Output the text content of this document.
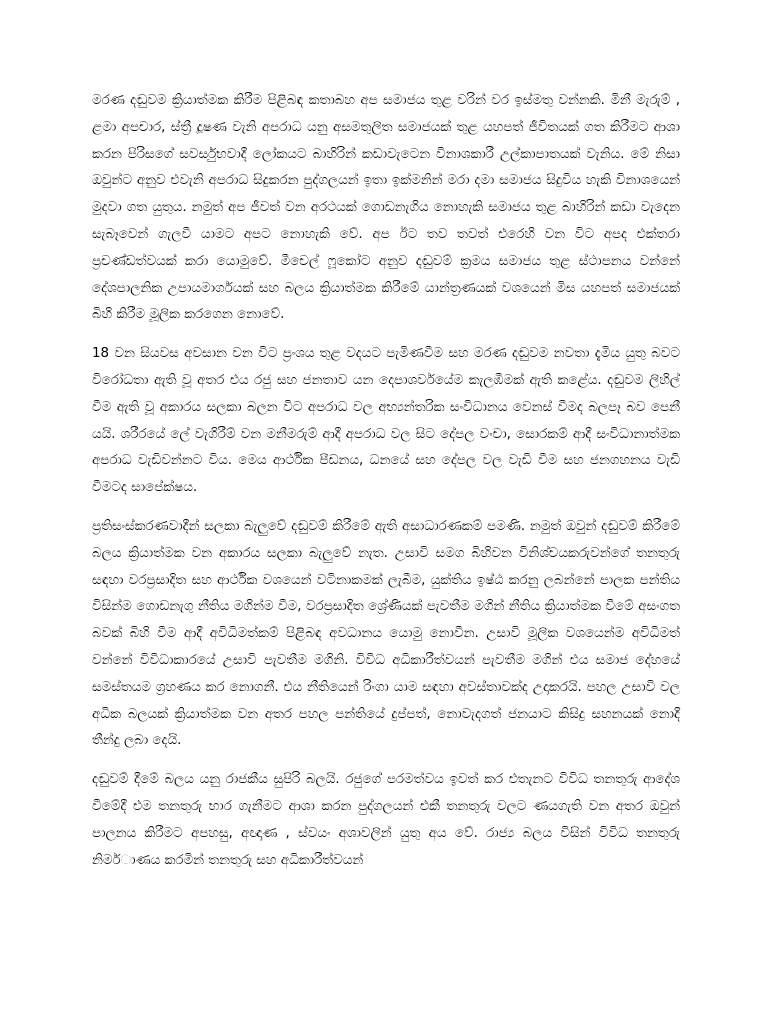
මරණ දඬුවම ක්‍රියාත්මක කිරීම පිළිබඳ කතාබහ අප සමාජය තුළ වරින් වර ඉස්මතු වන්නකි. මිනී මැරුම් , ළමා අපචාර, ස්ත්‍රී දූෂණ වැනි අපරාධ යනු අසමතුලිත සමාජයක් තුළ යහපත් ජීවිතයක් ගත කිරීමට ආශා කරන පිරිසගේ සවර්සුභවාදී ලෝකයට බාහිරින් කඩාවැටෙන විනාශකාරී උල්කාපාතයක් වැනිය. මේ නිසා ඔවුන්ට අනුව එවැනි අපරාධ සිදුකරන පුද්ගලයන් ඉතා ඉක්මනින් මරා දමා සමාජය සිදුවිය හැකි විනාශයෙන් මුදවා ගත යුතුය. නමුත් අප ජීවත් වන අරථයක් ගොඩනැගිය නොහැකි සමාජය තුළ බාහිරින් කඩා වැදෙන සැබෑවෙන් ගැලවී යාමට අපට නොහැකි වේ. අප ඊට තව තවත් එරෙහි වන විට අපද එක්තරා ප්‍රචණ්ඩත්වයක් කරා යොමුවේ. මීචෙල් ෆූකෝට අනුව දඬුවම් ක්‍රමය සමාජය තුළ ස්ථාපනය වන්නේ දේශපාලනික උපායමාර්ගයක් සහ බලය ක්‍රියාත්මක කිරීමේ යාන්ත්‍රණයක් වශයෙන් මිස යහපත් සමාජයක් බිහි කිරීම මූලික කරගෙන නොවේ.

18 වන සියවස අවසාන වන විට ප්‍රංශය තුළ වදයට පැමිණවීම සහ මරණ දඬුවම නවතා දැමිය යුතු බවට විරෝධතා ඇති වූ අතර එය රජු සහ ජනතාව යන දෙපාශර්වයේම කැලඹීමක් ඇති කළේය. දඬුවම ලිහිල් වීම ඇති වූ අකාරය සලකා බලන විට අපරාධ වල අභ්‍යන්තරික සංවිධානය වෙනස් වීමද බලපෑ බව පෙනී යයි. ශරීරයේ ලේ වැගිරීම් වන මනීමරුම් ආදී අපරාධ වල සිට දේපල වංචා, සොරකම් ආදී සංවිධානාත්මක අපරාධ වැඩිවන්නට විය. මෙය ආර්ථික පීඩනය, ධනයේ සහ දේපල වල වැඩි වීම සහ ජනගහනය වැඩි වීමටද සාපේක්ෂය.

ප්‍රතිසංස්කරණවාදීන් සලකා බැලුවේ දඬුවම් කිරීමේ ඇති අසාධාරණකම් පමණි. නමුත් ඔවුන් දඬුවම් කිරීමේ බලය ක්‍රියාත්මක වන අකාරය සලකා බැලුවේ නැත. උසාවි සමග බිහිවන විනිශ්චයකරුවන්ගේ තනතුරු සඳහා වරප්‍රසාදිත සහ ආර්ථික වශයෙන් වටිනාකමක් ලැබීම, යුක්තිය ඉෂ්ඨ කරනු ලබන්නේ පාලක පන්තිය විසින්ම ගොඩනැගු නීතිය මගින්ම වීම, වරප්‍රසාදිත ශ්‍රේණියක් පැවතීම මගින් නීතිය ක්‍රියාත්මක වීමේ අසංගත බවක් බිහි වීම ආදී අවිධිමත්කම් පිළිබඳ අවධානය යොමු නොවීන. උසාවි මූලික වශයෙන්ම අවිධිමත් වන්නේ විවිධාකාරයේ උසාවි පැවතීම මගිනි. විවිධ අධිකාරීත්වයන් පැවතීම මගින් එය සමාජ දේහයේ සමස්තයම ග්‍රහණය කර නොගනී. එය නීතියෙන් රිංගා යාම සඳහා අවස්තාවක්ද උදාකරයි. පහල උසාවි වල අධික බලයක් ක්‍රියාත්මක වන අතර පහල පන්තියේ දුප්පත්, නොවැදගත් ජනයාට කිසිදු සහනයක් නොදී තීන්දු ලබා දෙයි.

දඬුවම් දීමේ බලය යනු රාජකීය සුපිරි බලයි. රජුගේ පරමත්වය ඉවත් කර එතැනට විවිධ තනතුරු ආදේශ වීමේදී එම තනතුරු භාර ගැනීමට ආශා කරන පුද්ගලයන් එකී තනතුරු වලට ණයගැති වන අතර ඔවුන් පාලනය කිරීමට අපහසු, අඥාණ , ස්වයං අශාවලින් යුතු අය වේ. රාජ්‍ය බලය විසින් විවිධ තනතුරු නිමර්ාණය කරමින් තනතුරු සහ අධිකාරීත්වයන්
